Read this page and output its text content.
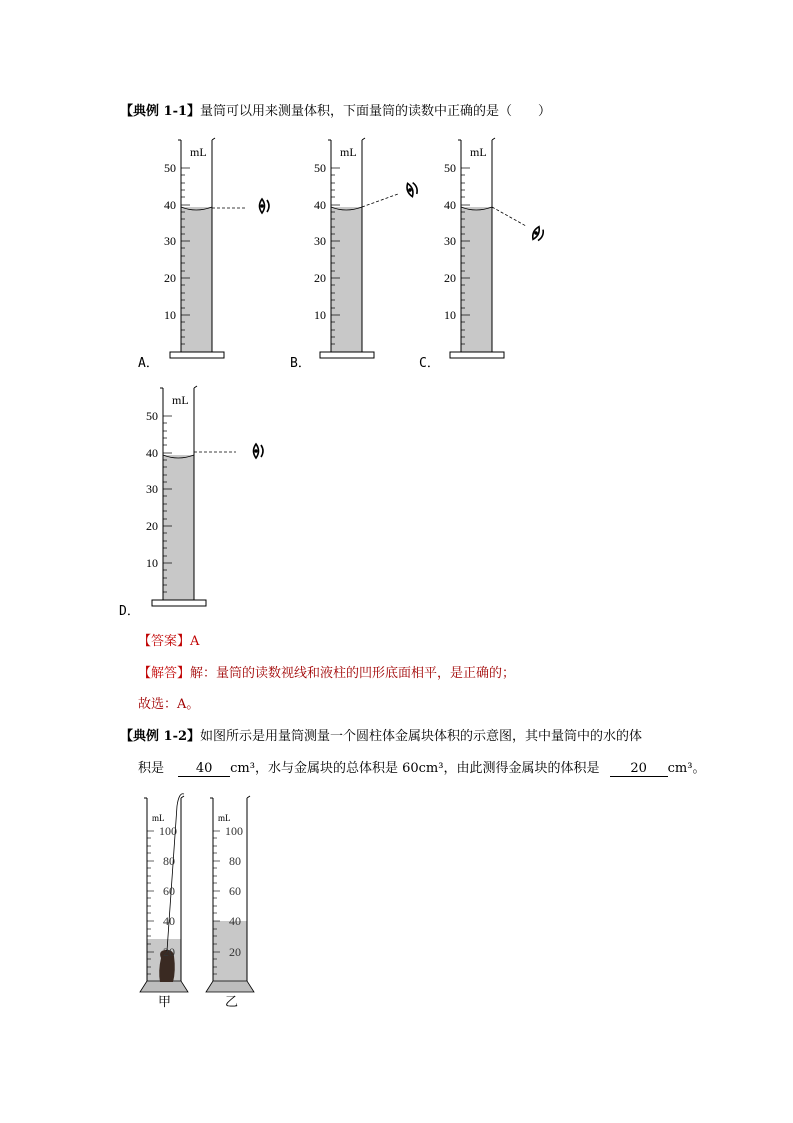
【典例 1-1】量筒可以用来测量体积，下面量筒的读数中正确的是（　　）
mL
50
40
30
20
10
A．
mL
50
40
30
20
10
B．
mL
50
40
30
20
10
C．
mL
50
40
30
20
10
D．
【答案】A
【解答】解：量筒的读数视线和液柱的凹形底面相平，是正确的；
故选：A。
【典例 1-2】如图所示是用量筒测量一个圆柱体金属块体积的示意图，其中量筒中的水的体
积是 40 cm³，水与金属块的总体积是 60cm³，由此测得金属块的体积是 20 cm³。
mL
100
80
60
40
20
甲
mL
100
80
60
40
20
乙
